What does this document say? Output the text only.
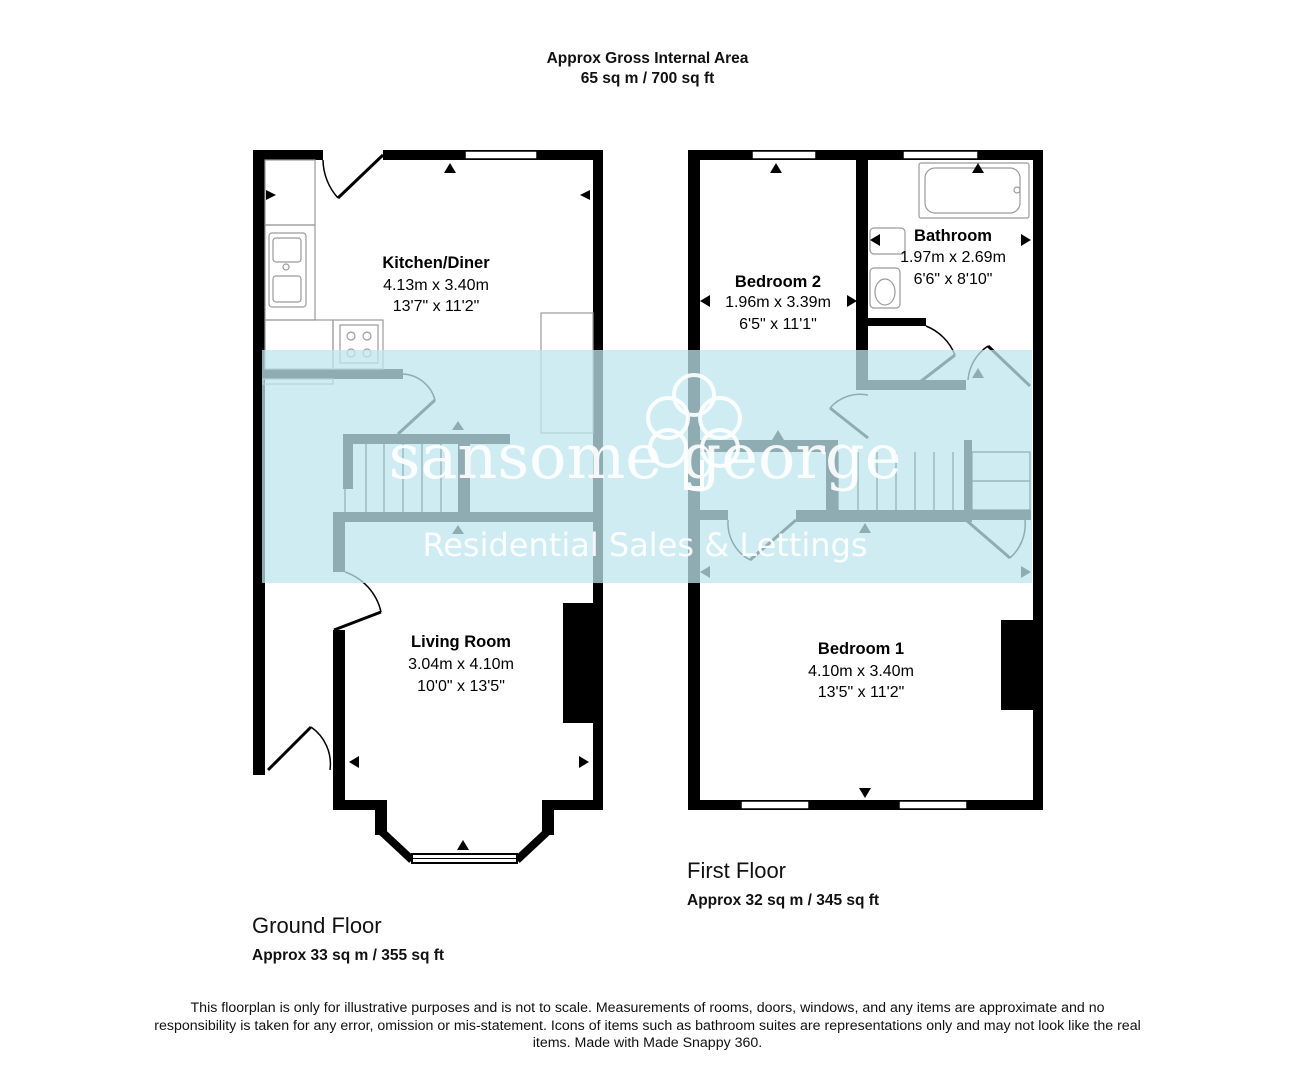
Approx Gross Internal Area
65 sq m / 700 sq ft
sansome george
Residential Sales & Lettings
Kitchen/Diner
4.13m x 3.40m
13'7" x 11'2"
Living Room
3.04m x 4.10m
10'0" x 13'5"
Bedroom 2
1.96m x 3.39m
6'5" x 11'1"
Bathroom
1.97m x 2.69m
6'6" x 8'10"
Bedroom 1
4.10m x 3.40m
13'5" x 11'2"
Ground Floor
Approx 33 sq m / 355 sq ft
First Floor
Approx 32 sq m / 345 sq ft
This floorplan is only for illustrative purposes and is not to scale. Measurements of rooms, doors, windows, and any items are approximate and no responsibility is taken for any error, omission or mis-statement. Icons of items such as bathroom suites are representations only and may not look like the real items. Made with Made Snappy 360.
